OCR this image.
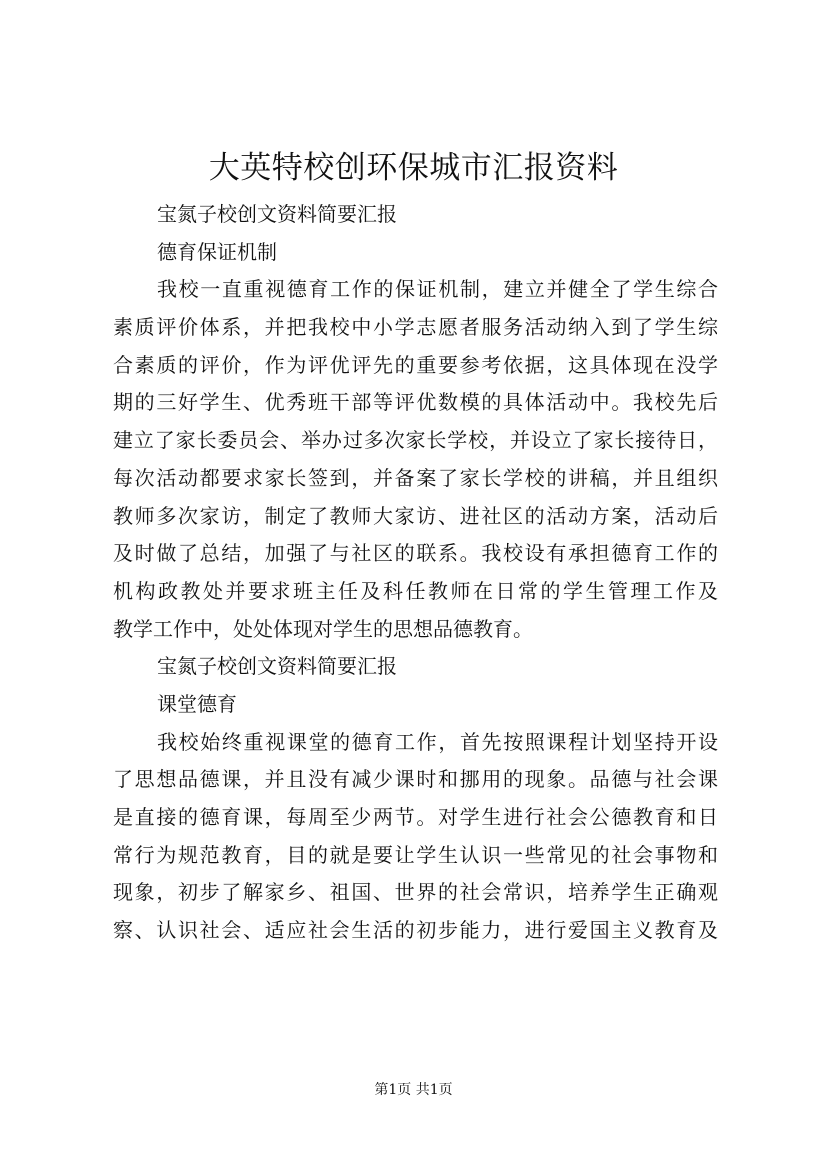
大英特校创环保城市汇报资料
宝氮子校创文资料简要汇报
德育保证机制
我校一直重视德育工作的保证机制，建立并健全了学生综合
素质评价体系，并把我校中小学志愿者服务活动纳入到了学生综
合素质的评价，作为评优评先的重要参考依据，这具体现在没学
期的三好学生、优秀班干部等评优数模的具体活动中。我校先后
建立了家长委员会、举办过多次家长学校，并设立了家长接待日，
每次活动都要求家长签到，并备案了家长学校的讲稿，并且组织
教师多次家访，制定了教师大家访、进社区的活动方案，活动后
及时做了总结，加强了与社区的联系。我校设有承担德育工作的
机构政教处并要求班主任及科任教师在日常的学生管理工作及
教学工作中，处处体现对学生的思想品德教育。
宝氮子校创文资料简要汇报
课堂德育
我校始终重视课堂的德育工作，首先按照课程计划坚持开设
了思想品德课，并且没有减少课时和挪用的现象。品德与社会课
是直接的德育课，每周至少两节。对学生进行社会公德教育和日
常行为规范教育，目的就是要让学生认识一些常见的社会事物和
现象，初步了解家乡、祖国、世界的社会常识，培养学生正确观
察、认识社会、适应社会生活的初步能力，进行爱国主义教育及
第1页 共1页
